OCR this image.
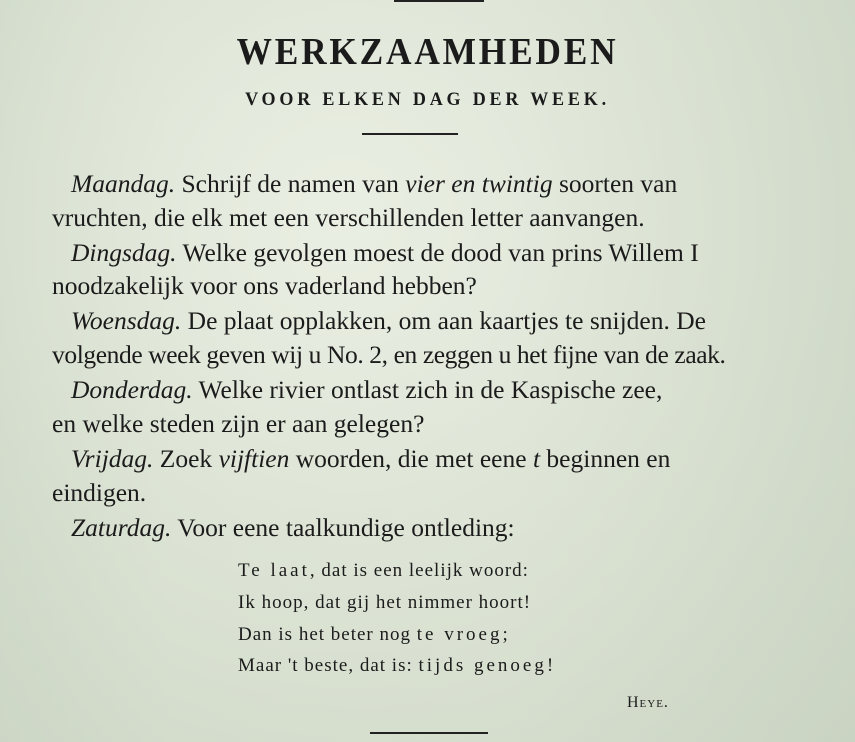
WERKZAAMHEDEN
VOOR ELKEN DAG DER WEEK.
Maandag. Schrijf de namen van vier en twintig soorten van
vruchten, die elk met een verschillenden letter aanvangen.
Dingsdag. Welke gevolgen moest de dood van prins Willem I
noodzakelijk voor ons vaderland hebben?
Woensdag. De plaat opplakken, om aan kaartjes te snijden. De
volgende week geven wij u No. 2, en zeggen u het fijne van de zaak.
Donderdag. Welke rivier ontlast zich in de Kaspische zee,
en welke steden zijn er aan gelegen?
Vrijdag. Zoek vijftien woorden, die met eene t beginnen en
eindigen.
Zaturdag. Voor eene taalkundige ontleding:
Te laat, dat is een leelijk woord:
Ik hoop, dat gij het nimmer hoort!
Dan is het beter nog te vroeg;
Maar 't beste, dat is: tijds genoeg!
Heye.
